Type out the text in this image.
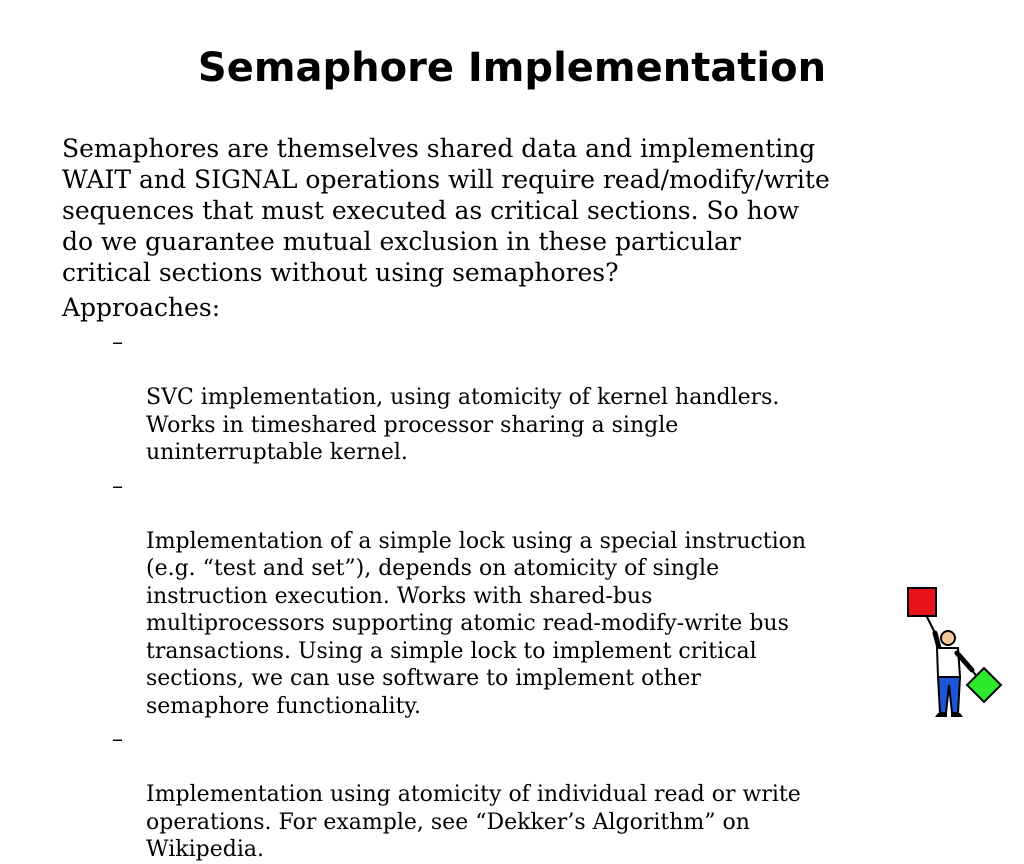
Semaphore Implementation

Semaphores are themselves shared data and implementing
WAIT and SIGNAL operations will require read/modify/write
sequences that must executed as critical sections. So how
do we guarantee mutual exclusion in these particular
critical sections without using semaphores?

Approaches:

–

SVC implementation, using atomicity of kernel handlers.
Works in timeshared processor sharing a single
uninterruptable kernel.

–

Implementation of a simple lock using a special instruction
(e.g. “test and set”), depends on atomicity of single
instruction execution. Works with shared-bus
multiprocessors supporting atomic read-modify-write bus
transactions. Using a simple lock to implement critical
sections, we can use software to implement other
semaphore functionality.

–

Implementation using atomicity of individual read or write
operations. For example, see “Dekker’s Algorithm” on
Wikipedia.
